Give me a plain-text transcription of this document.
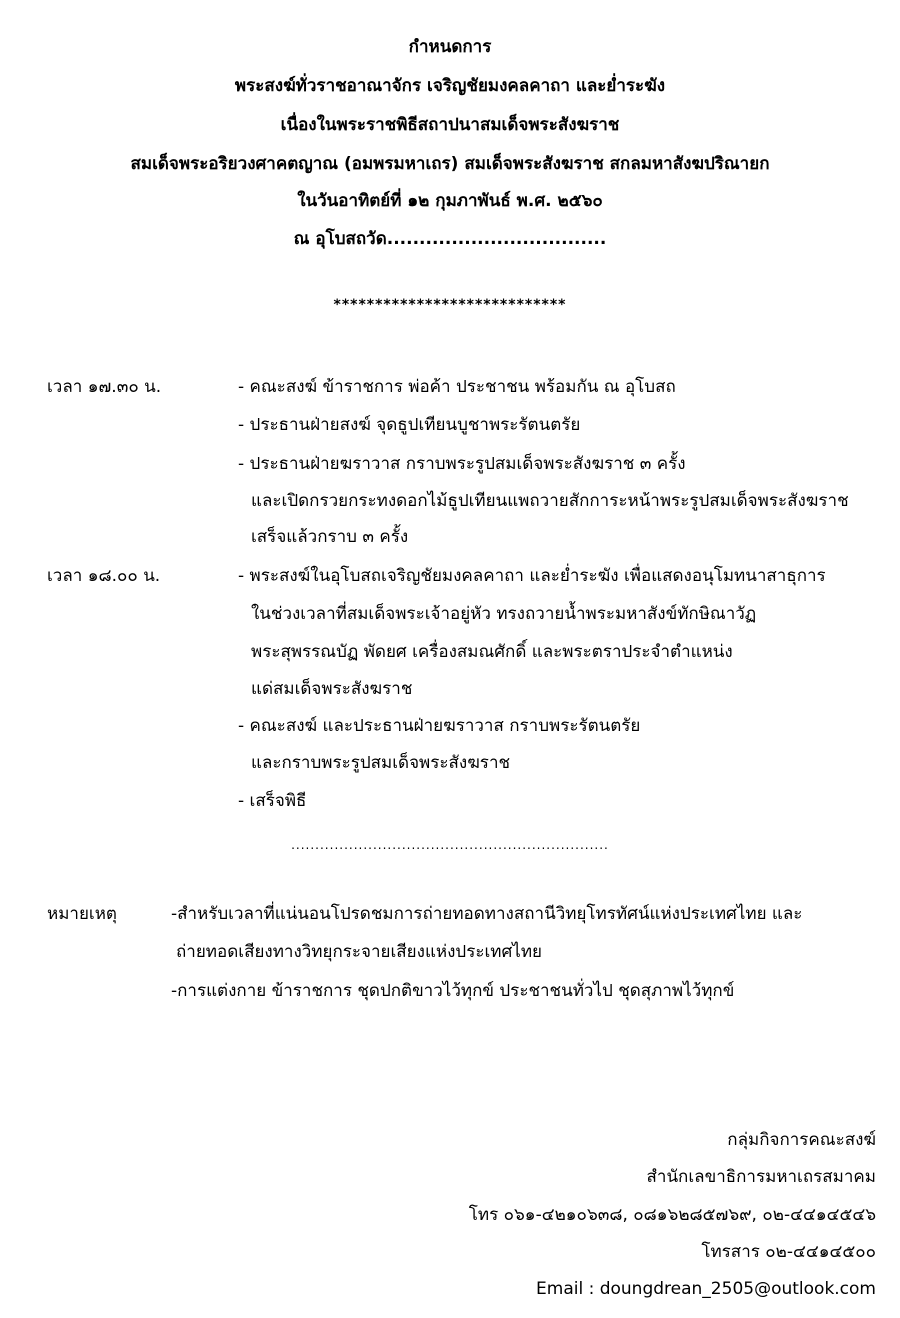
กำหนดการ
พระสงฆ์ทั่วราชอาณาจักร เจริญชัยมงคลคาถา และย่ำระฆัง
เนื่องในพระราชพิธีสถาปนาสมเด็จพระสังฆราช
สมเด็จพระอริยวงศาคตญาณ (อมพรมหาเถร) สมเด็จพระสังฆราช สกลมหาสังฆปริณายก
ในวันอาทิตย์ที่ ๑๒ กุมภาพันธ์ พ.ศ. ๒๕๖๐
ณ อุโบสถวัด..................................
****************************
เวลา ๑๗.๓๐ น.	- คณะสงฆ์ ข้าราชการ พ่อค้า ประชาชน พร้อมกัน ณ อุโบสถ
- ประธานฝ่ายสงฆ์ จุดธูปเทียนบูชาพระรัตนตรัย
- ประธานฝ่ายฆราวาส กราบพระรูปสมเด็จพระสังฆราช ๓ ครั้ง
และเปิดกรวยกระทงดอกไม้ธูปเทียนแพถวายสักการะหน้าพระรูปสมเด็จพระสังฆราช
เสร็จแล้วกราบ ๓ ครั้ง
เวลา ๑๘.๐๐ น.	- พระสงฆ์ในอุโบสถเจริญชัยมงคลคาถา และย่ำระฆัง เพื่อแสดงอนุโมทนาสาธุการ
ในช่วงเวลาที่สมเด็จพระเจ้าอยู่หัว ทรงถวายน้ำพระมหาสังข์ทักษิณาวัฏ
พระสุพรรณบัฏ พัดยศ เครื่องสมณศักดิ์ และพระตราประจำตำแหน่ง
แด่สมเด็จพระสังฆราช
- คณะสงฆ์ และประธานฝ่ายฆราวาส กราบพระรัตนตรัย
และกราบพระรูปสมเด็จพระสังฆราช
- เสร็จพิธี
..................................................................
หมายเหตุ	-สำหรับเวลาที่แน่นอนโปรดชมการถ่ายทอดทางสถานีวิทยุโทรทัศน์แห่งประเทศไทย และ
ถ่ายทอดเสียงทางวิทยุกระจายเสียงแห่งประเทศไทย
-การแต่งกาย ข้าราชการ ชุดปกติขาวไว้ทุกข์ ประชาชนทั่วไป ชุดสุภาพไว้ทุกข์
กลุ่มกิจการคณะสงฆ์
สำนักเลขาธิการมหาเถรสมาคม
โทร ๐๖๑-๔๒๑๐๖๓๘, ๐๘๑๖๒๘๕๗๖๙, ๐๒-๔๔๑๔๕๔๖
โทรสาร ๐๒-๔๔๑๔๕๐๐
Email : doungdrean_2505@outlook.com
